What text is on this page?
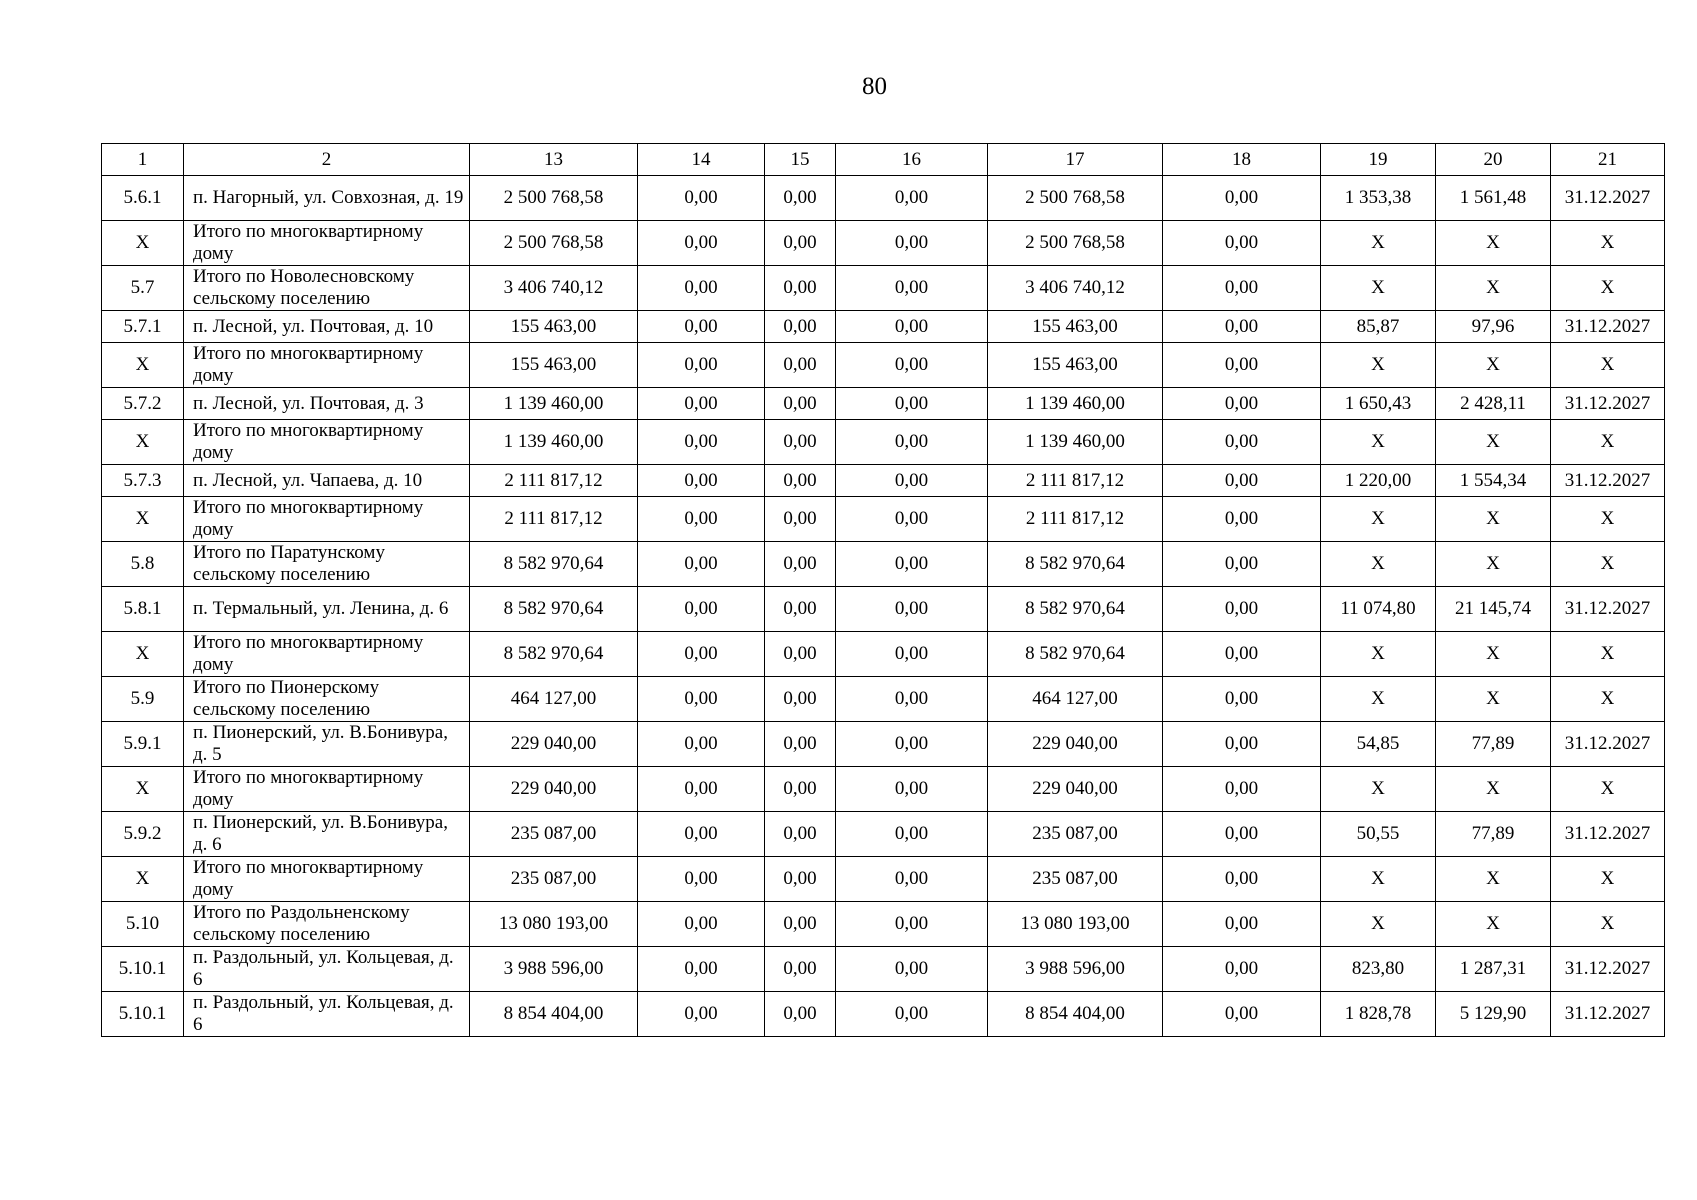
80
1	2	13	14	15	16	17	18	19	20	21
5.6.1	п. Нагорный, ул. Совхозная, д. 19	2 500 768,58	0,00	0,00	0,00	2 500 768,58	0,00	1 353,38	1 561,48	31.12.2027
Х	Итого по многоквартирному дому	2 500 768,58	0,00	0,00	0,00	2 500 768,58	0,00	Х	Х	Х
5.7	Итого по Новолесновскому сельскому поселению	3 406 740,12	0,00	0,00	0,00	3 406 740,12	0,00	Х	Х	Х
5.7.1	п. Лесной, ул. Почтовая, д. 10	155 463,00	0,00	0,00	0,00	155 463,00	0,00	85,87	97,96	31.12.2027
Х	Итого по многоквартирному дому	155 463,00	0,00	0,00	0,00	155 463,00	0,00	Х	Х	Х
5.7.2	п. Лесной, ул. Почтовая, д. 3	1 139 460,00	0,00	0,00	0,00	1 139 460,00	0,00	1 650,43	2 428,11	31.12.2027
Х	Итого по многоквартирному дому	1 139 460,00	0,00	0,00	0,00	1 139 460,00	0,00	Х	Х	Х
5.7.3	п. Лесной, ул. Чапаева, д. 10	2 111 817,12	0,00	0,00	0,00	2 111 817,12	0,00	1 220,00	1 554,34	31.12.2027
Х	Итого по многоквартирному дому	2 111 817,12	0,00	0,00	0,00	2 111 817,12	0,00	Х	Х	Х
5.8	Итого по Паратунскому сельскому поселению	8 582 970,64	0,00	0,00	0,00	8 582 970,64	0,00	Х	Х	Х
5.8.1	п. Термальный, ул. Ленина, д. 6	8 582 970,64	0,00	0,00	0,00	8 582 970,64	0,00	11 074,80	21 145,74	31.12.2027
Х	Итого по многоквартирному дому	8 582 970,64	0,00	0,00	0,00	8 582 970,64	0,00	Х	Х	Х
5.9	Итого по Пионерскому сельскому поселению	464 127,00	0,00	0,00	0,00	464 127,00	0,00	Х	Х	Х
5.9.1	п. Пионерский, ул. В.Бонивура, д. 5	229 040,00	0,00	0,00	0,00	229 040,00	0,00	54,85	77,89	31.12.2027
Х	Итого по многоквартирному дому	229 040,00	0,00	0,00	0,00	229 040,00	0,00	Х	Х	Х
5.9.2	п. Пионерский, ул. В.Бонивура, д. 6	235 087,00	0,00	0,00	0,00	235 087,00	0,00	50,55	77,89	31.12.2027
Х	Итого по многоквартирному дому	235 087,00	0,00	0,00	0,00	235 087,00	0,00	Х	Х	Х
5.10	Итого по Раздольненскому сельскому поселению	13 080 193,00	0,00	0,00	0,00	13 080 193,00	0,00	Х	Х	Х
5.10.1	п. Раздольный, ул. Кольцевая, д. 6	3 988 596,00	0,00	0,00	0,00	3 988 596,00	0,00	823,80	1 287,31	31.12.2027
5.10.1	п. Раздольный, ул. Кольцевая, д. 6	8 854 404,00	0,00	0,00	0,00	8 854 404,00	0,00	1 828,78	5 129,90	31.12.2027
